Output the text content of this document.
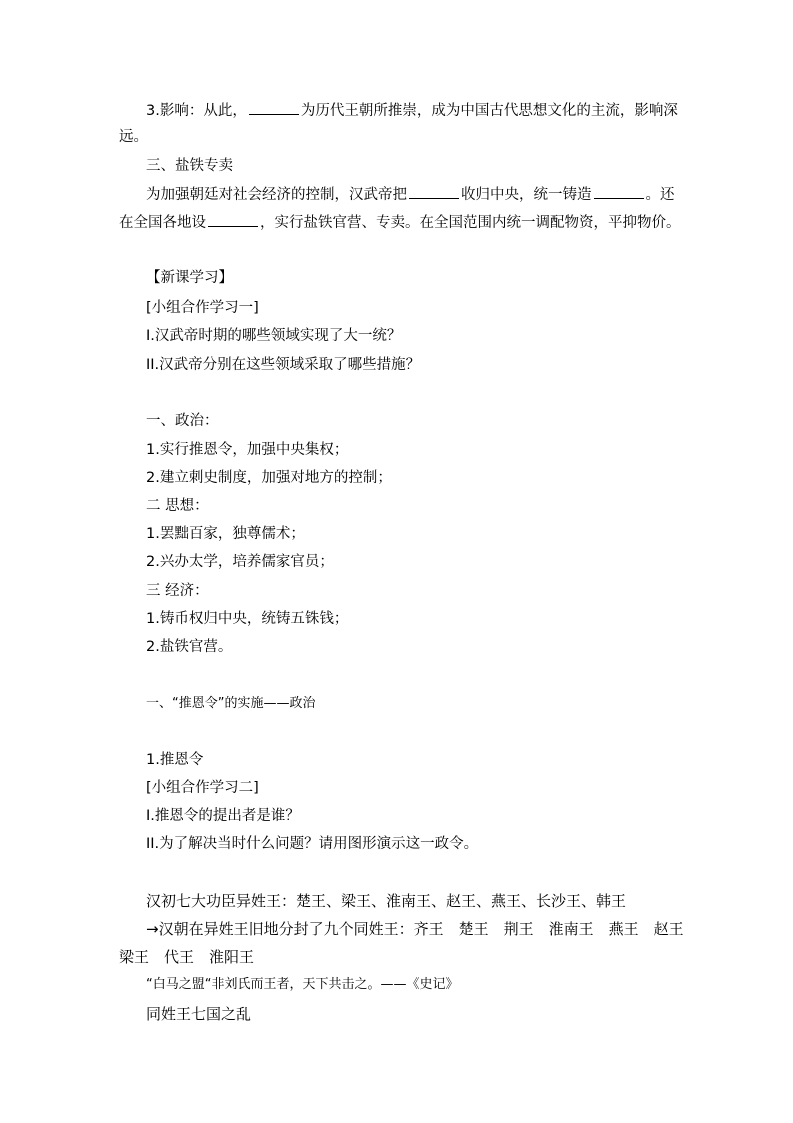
3.影响：从此，	为历代王朝所推崇，成为中国古代思想文化的主流，影响深
远。
三、盐铁专卖
为加强朝廷对社会经济的控制，汉武帝把	收归中央，统一铸造	。还
在全国各地设	，实行盐铁官营、专卖。在全国范围内统一调配物资，平抑物价。
【新课学习】
[小组合作学习一]
I.汉武帝时期的哪些领域实现了大一统？
II.汉武帝分别在这些领域采取了哪些措施？
一、政治：
1.实行推恩令，加强中央集权；
2.建立刺史制度，加强对地方的控制；
二 思想：
1.罢黜百家，独尊儒术；
2.兴办太学，培养儒家官员；
三 经济：
1.铸币权归中央，统铸五铢钱；
2.盐铁官营。
一、“推恩令”的实施——政治
1.推恩令
[小组合作学习二]
I.推恩令的提出者是谁？
II.为了解决当时什么问题？请用图形演示这一政令。
汉初七大功臣异姓王：楚王、梁王、淮南王、赵王、燕王、长沙王、韩王
→汉朝在异姓王旧地分封了九个同姓王：齐王　楚王　荆王　淮南王　燕王　赵王
梁王　代王　淮阳王
“白马之盟“非刘氏而王者，天下共击之。——《史记》
同姓王七国之乱
